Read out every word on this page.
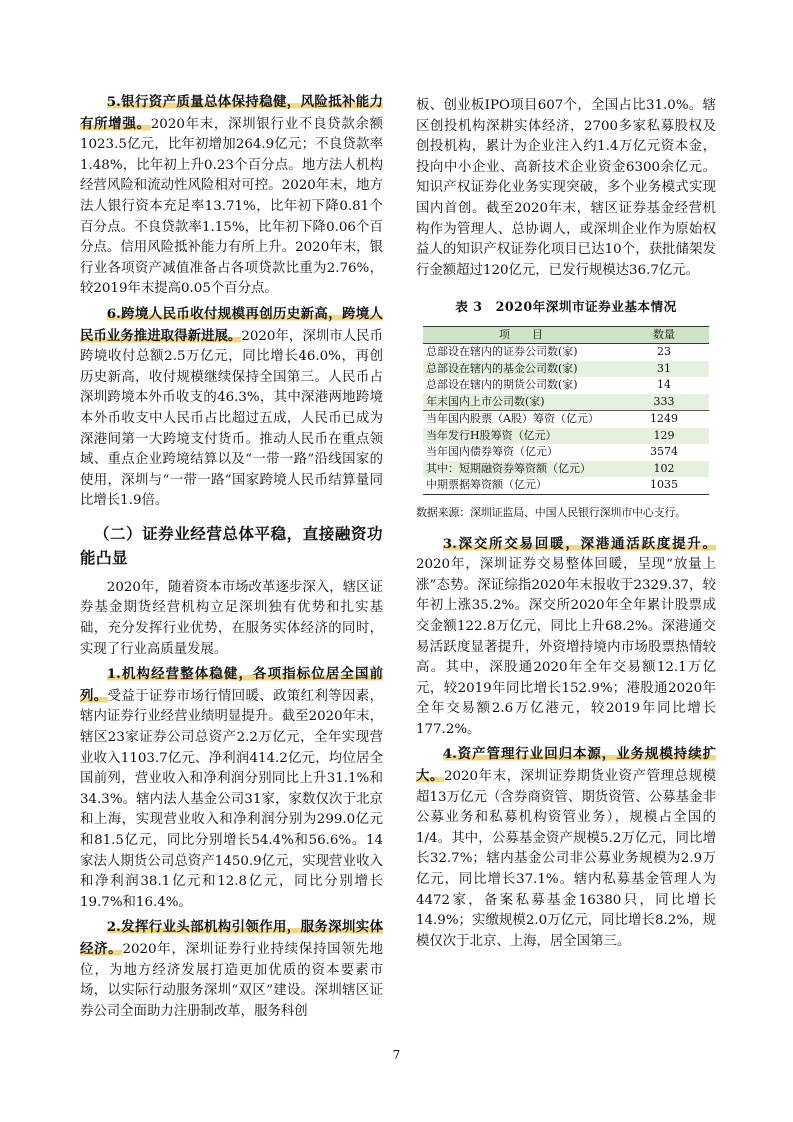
5.银行资产质量总体保持稳健，风险抵补能力有所增强。2020年末，深圳银行业不良贷款余额1023.5亿元，比年初增加264.9亿元；不良贷款率1.48%，比年初上升0.23个百分点。地方法人机构经营风险和流动性风险相对可控。2020年末，地方法人银行资本充足率13.71%，比年初下降0.81个百分点。不良贷款率1.15%，比年初下降0.06个百分点。信用风险抵补能力有所上升。2020年末，银行业各项资产减值准备占各项贷款比重为2.76%，较2019年末提高0.05个百分点。

6.跨境人民币收付规模再创历史新高，跨境人民币业务推进取得新进展。2020年，深圳市人民币跨境收付总额2.5万亿元，同比增长46.0%，再创历史新高，收付规模继续保持全国第三。人民币占深圳跨境本外币收支的46.3%，其中深港两地跨境本外币收支中人民币占比超过五成，人民币已成为深港间第一大跨境支付货币。推动人民币在重点领域、重点企业跨境结算以及“一带一路”沿线国家的使用，深圳与“一带一路”国家跨境人民币结算量同比增长1.9倍。

（二）证券业经营总体平稳，直接融资功能凸显

2020年，随着资本市场改革逐步深入，辖区证券基金期货经营机构立足深圳独有优势和扎实基础，充分发挥行业优势，在服务实体经济的同时，实现了行业高质量发展。

1.机构经营整体稳健，各项指标位居全国前列。受益于证券市场行情回暖、政策红利等因素，辖内证券行业经营业绩明显提升。截至2020年末，辖区23家证券公司总资产2.2万亿元，全年实现营业收入1103.7亿元、净利润414.2亿元，均位居全国前列，营业收入和净利润分别同比上升31.1%和34.3%。辖内法人基金公司31家，家数仅次于北京和上海，实现营业收入和净利润分别为299.0亿元和81.5亿元，同比分别增长54.4%和56.6%。14家法人期货公司总资产1450.9亿元，实现营业收入和净利润38.1亿元和12.8亿元，同比分别增长19.7%和16.4%。

2.发挥行业头部机构引领作用，服务深圳实体经济。2020年，深圳证券行业持续保持国领先地位，为地方经济发展打造更加优质的资本要素市场，以实际行动服务深圳“双区”建设。深圳辖区证券公司全面助力注册制改革，服务科创

板、创业板IPO项目607个，全国占比31.0%。辖区创投机构深耕实体经济，2700多家私募股权及创投机构，累计为企业注入约1.4万亿元资本金，投向中小企业、高新技术企业资金6300余亿元。知识产权证券化业务实现突破，多个业务模式实现国内首创。截至2020年末，辖区证券基金经营机构作为管理人、总协调人，或深圳企业作为原始权益人的知识产权证券化项目已达10个，获批储架发行金额超过120亿元，已发行规模达36.7亿元。

表 3　2020年深圳市证券业基本情况
项　　目	数量
总部设在辖内的证券公司数(家)	23
总部设在辖内的基金公司数(家)	31
总部设在辖内的期货公司数(家)	14
年末国内上市公司数(家)	333
当年国内股票（A股）筹资（亿元）	1249
当年发行H股筹资（亿元）	129
当年国内债券筹资（亿元）	3574
其中：短期融资券筹资额（亿元）	102
中期票据筹资额（亿元）	1035

数据来源：深圳证监局、中国人民银行深圳市中心支行。

3.深交所交易回暖，深港通活跃度提升。2020年，深圳证券交易整体回暖，呈现“放量上涨”态势。深证综指2020年末报收于2329.37，较年初上涨35.2%。深交所2020年全年累计股票成交金额122.8万亿元，同比上升68.2%。深港通交易活跃度显著提升，外资增持境内市场股票热情较高。其中，深股通2020年全年交易额12.1万亿元，较2019年同比增长152.9%；港股通2020年全年交易额2.6万亿港元，较2019年同比增长177.2%。

4.资产管理行业回归本源，业务规模持续扩大。2020年末，深圳证券期货业资产管理总规模超13万亿元（含券商资管、期货资管、公募基金非公募业务和私募机构资管业务），规模占全国的1/4。其中，公募基金资产规模5.2万亿元，同比增长32.7%；辖内基金公司非公募业务规模为2.9万亿元，同比增长37.1%。辖内私募基金管理人为4472家，备案私募基金16380只，同比增长14.9%；实缴规模2.0万亿元，同比增长8.2%，规模仅次于北京、上海，居全国第三。

7
